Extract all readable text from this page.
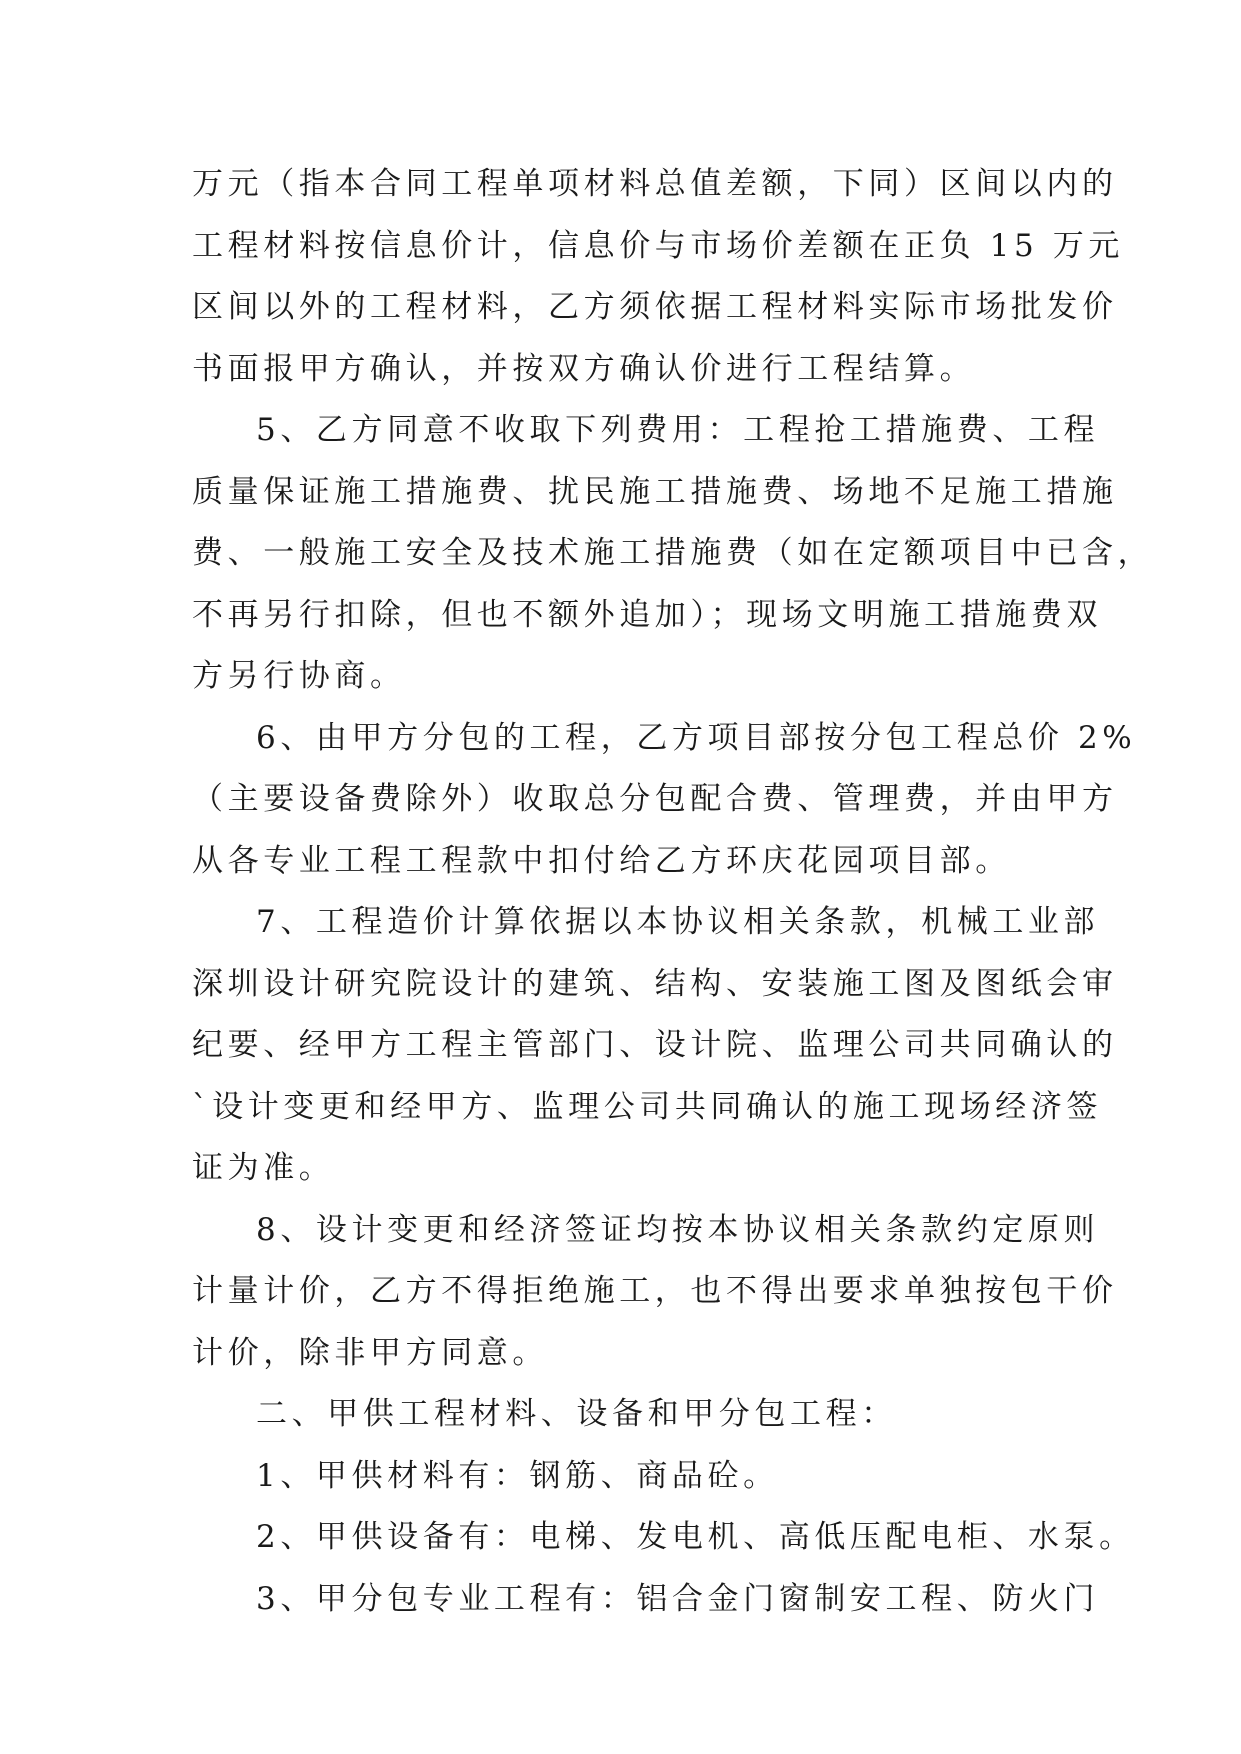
万元（指本合同工程单项材料总值差额，下同）区间以内的
工程材料按信息价计，信息价与市场价差额在正负 15 万元
区间以外的工程材料，乙方须依据工程材料实际市场批发价
书面报甲方确认，并按双方确认价进行工程结算。
5、乙方同意不收取下列费用：工程抢工措施费、工程
质量保证施工措施费、扰民施工措施费、场地不足施工措施
费、一般施工安全及技术施工措施费（如在定额项目中已含，
不再另行扣除，但也不额外追加）；现场文明施工措施费双
方另行协商。
6、由甲方分包的工程，乙方项目部按分包工程总价 2%
（主要设备费除外）收取总分包配合费、管理费，并由甲方
从各专业工程工程款中扣付给乙方环庆花园项目部。
7、工程造价计算依据以本协议相关条款，机械工业部
深圳设计研究院设计的建筑、结构、安装施工图及图纸会审
纪要、经甲方工程主管部门、设计院、监理公司共同确认的
`设计变更和经甲方、监理公司共同确认的施工现场经济签
证为准。
8、设计变更和经济签证均按本协议相关条款约定原则
计量计价，乙方不得拒绝施工，也不得出要求单独按包干价
计价，除非甲方同意。
二、甲供工程材料、设备和甲分包工程：
1、甲供材料有：钢筋、商品砼。
2、甲供设备有：电梯、发电机、高低压配电柜、水泵。
3、甲分包专业工程有：铝合金门窗制安工程、防火门
